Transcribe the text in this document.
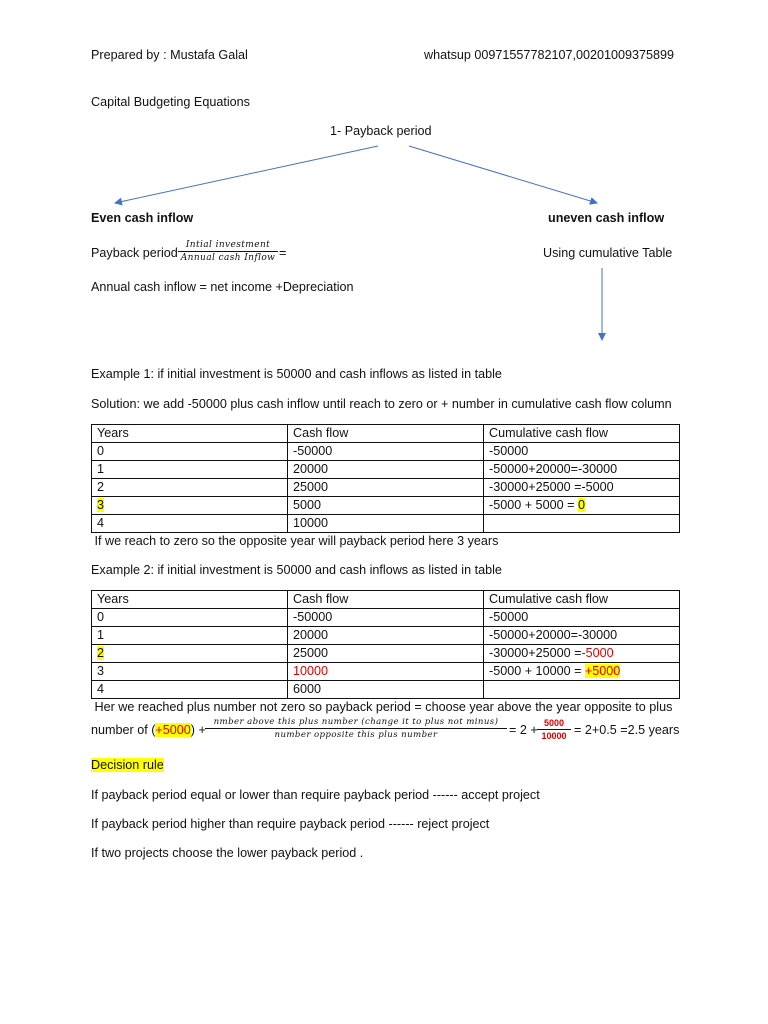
Prepared by : Mustafa Galal	whatsup 00971557782107,00201009375899
Capital Budgeting Equations
1- Payback period
Even cash inflow	uneven cash inflow
Payback period
Intial investment
Annual cash Inflow =	Using cumulative Table
Annual cash inflow = net income +Depreciation
Example 1: if initial investment is 50000 and cash inflows as listed in table
Solution: we add -50000 plus cash inflow until reach to zero or + number in cumulative cash flow column
Years	Cash flow	Cumulative cash flow
0	-50000	-50000
1	20000	-50000+20000=-30000
2	25000	-30000+25000 =-5000
3	5000	-5000 + 5000 = 0
4	10000	
If we reach to zero so the opposite year will payback period here 3 years
Example 2: if initial investment is 50000 and cash inflows as listed in table
Years	Cash flow	Cumulative cash flow
0	-50000	-50000
1	20000	-50000+20000=-30000
2	25000	-30000+25000 =-5000
3	10000	-5000 + 10000 = +5000
4	6000	
Her we reached plus number not zero so payback period = choose year above the year opposite to plus
number of (+5000) +
nmber above this plus number (change it to plus not minus)
number opposite this plus number	= 2 + 5000
10000 = 2+0.5 =2.5 years
Decision rule
If payback period equal or lower than require payback period ------ accept project
If payback period higher than require payback period ------ reject project
If two projects choose the lower payback period .
